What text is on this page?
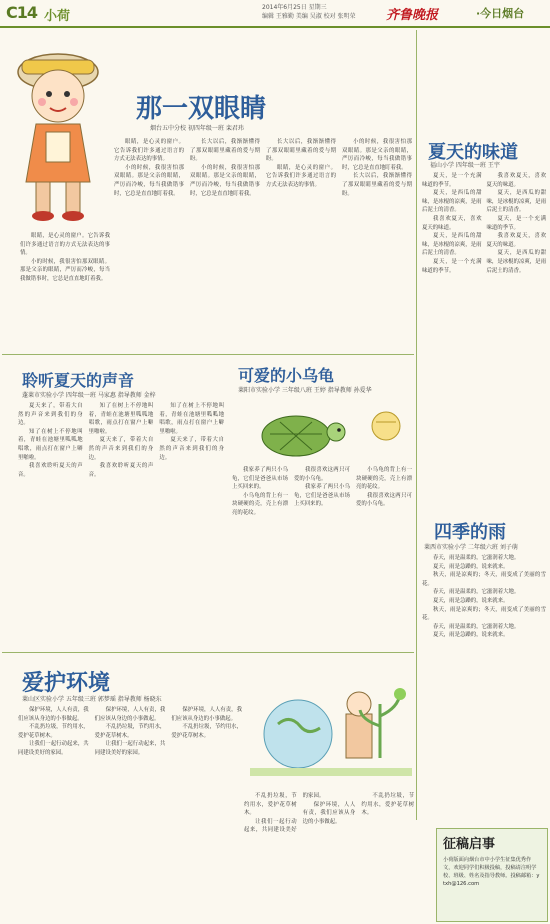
C14 小荷
2014年6月25日 星期三
编辑 王雅勤 美编 吴淑 校对 张明荣	齐鲁晚报	·今日烟台
那一双眼睛
烟台五中分校 初四年级一班 栾君玮

眼睛，是心灵的窗户。它告诉我们许多通过语言的方式无法表达的事情。

小的时候，我很害怕那双眼睛。那是父亲的眼睛，严厉而冷峻，每当我做错事时，它总是直直地盯着我。

眼睛，是心灵的窗户。它告诉我们许多通过语言的方式无法表达的事情。

小的时候，我很害怕那双眼睛。那是父亲的眼睛，严厉而冷峻，每当我做错事时，它总是直直地盯着我。

长大以后，我渐渐懂得了那双眼睛里藏着的爱与期盼。

小的时候，我很害怕那双眼睛。那是父亲的眼睛，严厉而冷峻，每当我做错事时，它总是直直地盯着我。

长大以后，我渐渐懂得了那双眼睛里藏着的爱与期盼。

眼睛，是心灵的窗户。它告诉我们许多通过语言的方式无法表达的事情。

小的时候，我很害怕那双眼睛。那是父亲的眼睛，严厉而冷峻，每当我做错事时，它总是直直地盯着我。

长大以后，我渐渐懂得了那双眼睛里藏着的爱与期盼。

夏天的味道
福山小学 四年级一班 王宇

夏天，是一个充满味道的季节。

夏天，是西瓜的甜味，是冰棍的凉爽，是雨后泥土的清香。

我喜欢夏天，喜欢夏天的味道。

夏天，是西瓜的甜味，是冰棍的凉爽，是雨后泥土的清香。

夏天，是一个充满味道的季节。

我喜欢夏天，喜欢夏天的味道。

夏天，是西瓜的甜味，是冰棍的凉爽，是雨后泥土的清香。

夏天，是一个充满味道的季节。

我喜欢夏天，喜欢夏天的味道。

夏天，是西瓜的甜味，是冰棍的凉爽，是雨后泥土的清香。

聆听夏天的声音
蓬莱市实验小学 四年级一班 马家惠 指导教师 金梓

夏天来了，带着大自然的声音来到我们的身边。

知了在树上不停地叫着，青蛙在池塘里呱呱地唱歌，雨点打在窗户上噼里啪啦。

我喜欢聆听夏天的声音。

知了在树上不停地叫着，青蛙在池塘里呱呱地唱歌，雨点打在窗户上噼里啪啦。

夏天来了，带着大自然的声音来到我们的身边。

我喜欢聆听夏天的声音。

知了在树上不停地叫着，青蛙在池塘里呱呱地唱歌，雨点打在窗户上噼里啪啦。

夏天来了，带着大自然的声音来到我们的身边。

可爱的小乌龟
莱阳市实验小学 三年级八班 王婷 指导教师 孙爱华

我家养了两只小乌龟，它们是爸爸从市场上买回来的。

小乌龟的背上有一块硬硬的壳，壳上有漂亮的花纹。

我很喜欢这两只可爱的小乌龟。

我家养了两只小乌龟，它们是爸爸从市场上买回来的。

小乌龟的背上有一块硬硬的壳，壳上有漂亮的花纹。

我很喜欢这两只可爱的小乌龟。

四季的雨
莱西市实验小学 二年级六班 刘子萌

春天，雨是温柔的，它滋润着大地。

夏天，雨是急躁的，说来就来。

秋天，雨是凉爽的；冬天，雨变成了美丽的雪花。

春天，雨是温柔的，它滋润着大地。

夏天，雨是急躁的，说来就来。

秋天，雨是凉爽的；冬天，雨变成了美丽的雪花。

春天，雨是温柔的，它滋润着大地。

夏天，雨是急躁的，说来就来。

爱护环境
莱山区实验小学 五年级三班 郭梦瑶 指导教师 杨晓东

保护环境，人人有责，我们应该从身边的小事做起。

不乱扔垃圾，节约用水，爱护花草树木。

让我们一起行动起来，共同建设美好的家园。

保护环境，人人有责，我们应该从身边的小事做起。

不乱扔垃圾，节约用水，爱护花草树木。

让我们一起行动起来，共同建设美好的家园。

保护环境，人人有责，我们应该从身边的小事做起。

不乱扔垃圾，节约用水，爱护花草树木。

不乱扔垃圾，节约用水，爱护花草树木。

让我们一起行动起来，共同建设美好的家园。

保护环境，人人有责，我们应该从身边的小事做起。

不乱扔垃圾，节约用水，爱护花草树木。

征稿启事

小荷版面向烟台市中小学生征集优秀作文，欢迎同学们积极投稿，投稿请注明学校、班级、姓名及指导教师。投稿邮箱：ytxh@126.com
